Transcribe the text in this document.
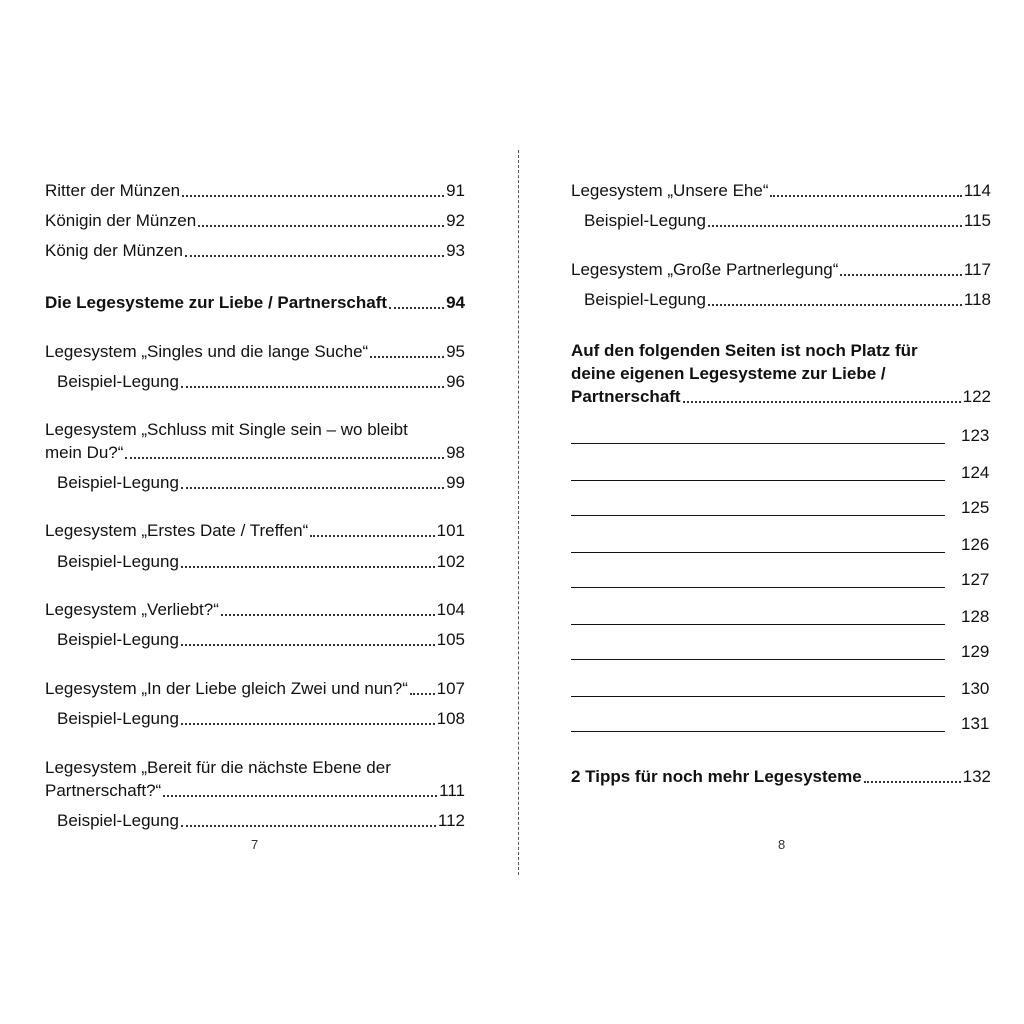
Ritter der Münzen	91
Königin der Münzen	92
König der Münzen	93
Die Legesysteme zur Liebe / Partnerschaft	94
Legesystem „Singles und die lange Suche“	95
Beispiel-Legung	96
Legesystem „Schluss mit Single sein – wo bleibt
mein Du?“	98
Beispiel-Legung	99
Legesystem „Erstes Date / Treffen“	101
Beispiel-Legung	102
Legesystem „Verliebt?“	104
Beispiel-Legung	105
Legesystem „In der Liebe gleich Zwei und nun?“ 107
Beispiel-Legung	108
Legesystem „Bereit für die nächste Ebene der
Partnerschaft?“	111
Beispiel-Legung	112
7
Legesystem „Unsere Ehe“	114
Beispiel-Legung	115
Legesystem „Große Partnerlegung“	117
Beispiel-Legung	118
Auf den folgenden Seiten ist noch Platz für
deine eigenen Legesysteme zur Liebe /
Partnerschaft	122
123
124
125
126
127
128
129
130
131
2 Tipps für noch mehr Legesysteme	132
8
